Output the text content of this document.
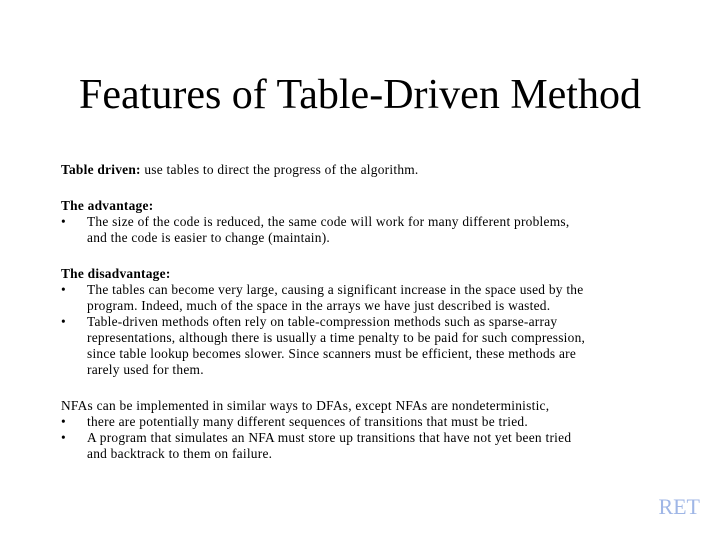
Features of Table-Driven Method
Table driven: use tables to direct the progress of the algorithm.
The advantage:
•	The size of the code is reduced, the same code will work for many different problems,
and the code is easier to change (maintain).
The disadvantage:
•	The tables can become very large, causing a significant increase in the space used by the
program. Indeed, much of the space in the arrays we have just described is wasted.
•	Table-driven methods often rely on table-compression methods such as sparse-array
representations, although there is usually a time penalty to be paid for such compression,
since table lookup becomes slower. Since scanners must be efficient, these methods are
rarely used for them.
NFAs can be implemented in similar ways to DFAs, except NFAs are nondeterministic,
•	there are potentially many different sequences of transitions that must be tried.
•	A program that simulates an NFA must store up transitions that have not yet been tried
and backtrack to them on failure.
RET
